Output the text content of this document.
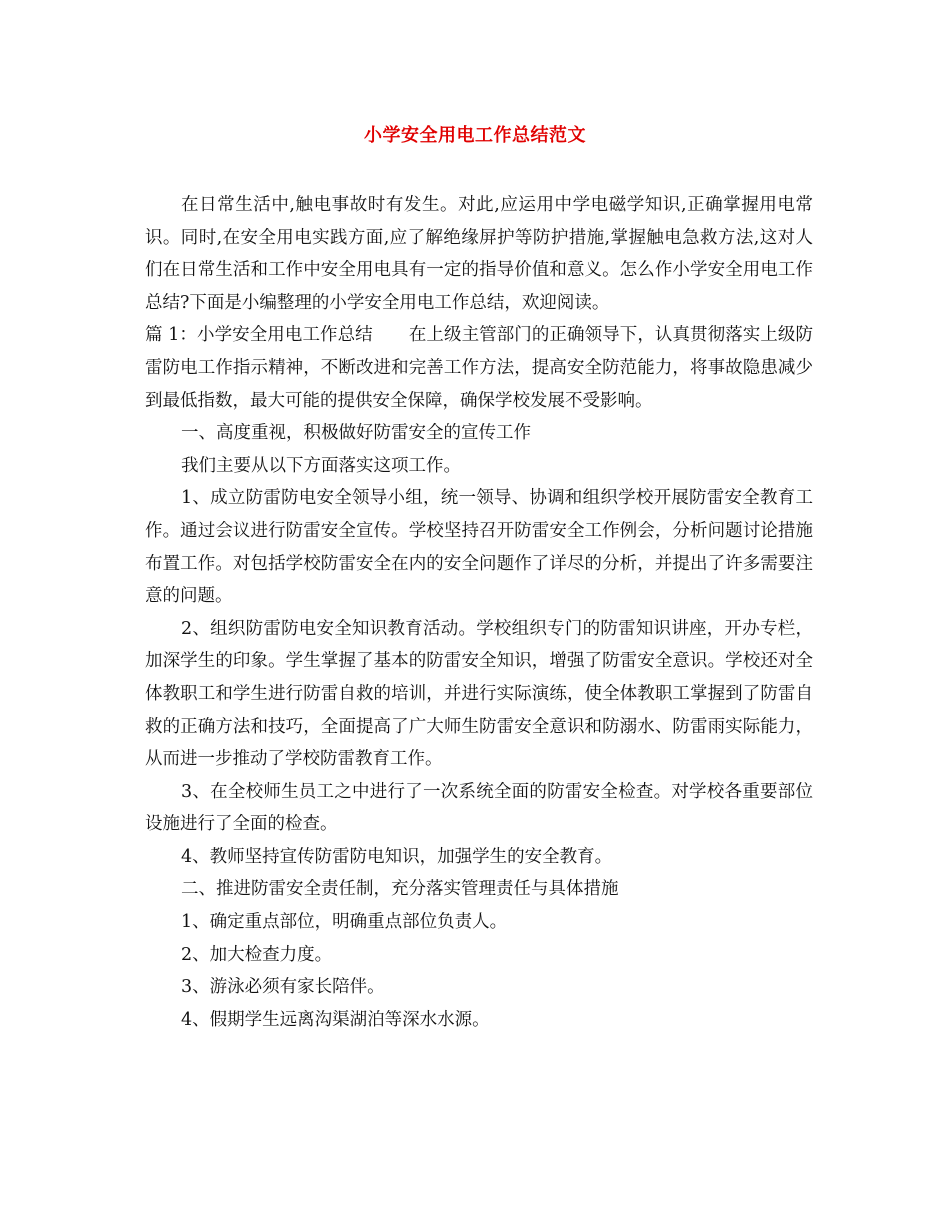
小学安全用电工作总结范文

在日常生活中,触电事故时有发生。对此,应运用中学电磁学知识,正确掌握用电常识。同时,在安全用电实践方面,应了解绝缘屏护等防护措施,掌握触电急救方法,这对人们在日常生活和工作中安全用电具有一定的指导价值和意义。怎么作小学安全用电工作总结?下面是小编整理的小学安全用电工作总结，欢迎阅读。

篇 1：小学安全用电工作总结 在上级主管部门的正确领导下，认真贯彻落实上级防雷防电工作指示精神，不断改进和完善工作方法，提高安全防范能力，将事故隐患减少到最低指数，最大可能的提供安全保障，确保学校发展不受影响。

一、高度重视，积极做好防雷安全的宣传工作

我们主要从以下方面落实这项工作。

1、成立防雷防电安全领导小组，统一领导、协调和组织学校开展防雷安全教育工作。通过会议进行防雷安全宣传。学校坚持召开防雷安全工作例会，分析问题讨论措施布置工作。对包括学校防雷安全在内的安全问题作了详尽的分析，并提出了许多需要注意的问题。

2、组织防雷防电安全知识教育活动。学校组织专门的防雷知识讲座，开办专栏，加深学生的印象。学生掌握了基本的防雷安全知识，增强了防雷安全意识。学校还对全体教职工和学生进行防雷自救的培训，并进行实际演练，使全体教职工掌握到了防雷自救的正确方法和技巧，全面提高了广大师生防雷安全意识和防溺水、防雷雨实际能力，从而进一步推动了学校防雷教育工作。

3、在全校师生员工之中进行了一次系统全面的防雷安全检查。对学校各重要部位设施进行了全面的检查。

4、教师坚持宣传防雷防电知识，加强学生的安全教育。

二、推进防雷安全责任制，充分落实管理责任与具体措施

1、确定重点部位，明确重点部位负责人。

2、加大检查力度。

3、游泳必须有家长陪伴。

4、假期学生远离沟渠湖泊等深水水源。
